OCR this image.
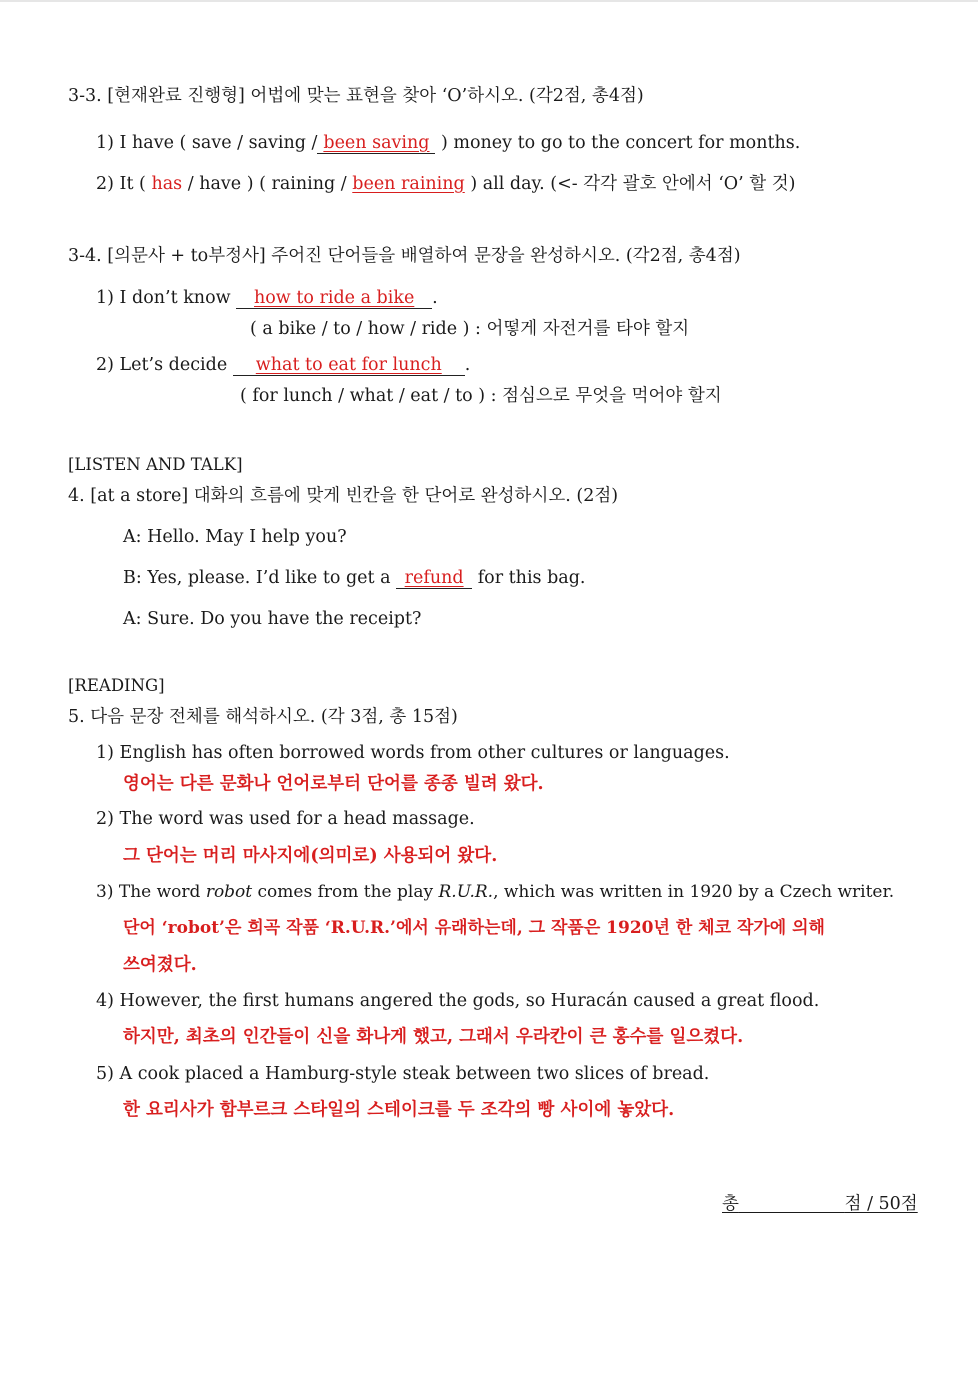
3-3. [현재완료 진행형] 어법에 맞는 표현을 찾아 ‘O’하시오. (각2점, 총4점)
1) I have ( save / saving / been saving ) money to go to the concert for months.
2) It ( has / have ) ( raining / been raining ) all day. (<- 각각 괄호 안에서 ‘O’ 할 것)
3-4. [의문사 + to부정사] 주어진 단어들을 배열하여 문장을 완성하시오. (각2점, 총4점)
1) I don’t know how to ride a bike .
( a bike / to / how / ride ) : 어떻게 자전거를 타야 할지
2) Let’s decide what to eat for lunch .
( for lunch / what / eat / to ) : 점심으로 무엇을 먹어야 할지
[LISTEN AND TALK]
4. [at a store] 대화의 흐름에 맞게 빈칸을 한 단어로 완성하시오. (2점)
A: Hello. May I help you?
B: Yes, please. I’d like to get a refund for this bag.
A: Sure. Do you have the receipt?
[READING]
5. 다음 문장 전체를 해석하시오. (각 3점, 총 15점)
1) English has often borrowed words from other cultures or languages.
영어는 다른 문화나 언어로부터 단어를 종종 빌려 왔다.
2) The word was used for a head massage.
그 단어는 머리 마사지에(의미로) 사용되어 왔다.
3) The word robot comes from the play R.U.R., which was written in 1920 by a Czech writer.
단어 ‘robot’은 희곡 작품 ‘R.U.R.’에서 유래하는데, 그 작품은 1920년 한 체코 작가에 의해
쓰여졌다.
4) However, the first humans angered the gods, so Huracán caused a great flood.
하지만, 최초의 인간들이 신을 화나게 했고, 그래서 우라칸이 큰 홍수를 일으켰다.
5) A cook placed a Hamburg-style steak between two slices of bread.
한 요리사가 함부르크 스타일의 스테이크를 두 조각의 빵 사이에 놓았다.
총	점 / 50점
